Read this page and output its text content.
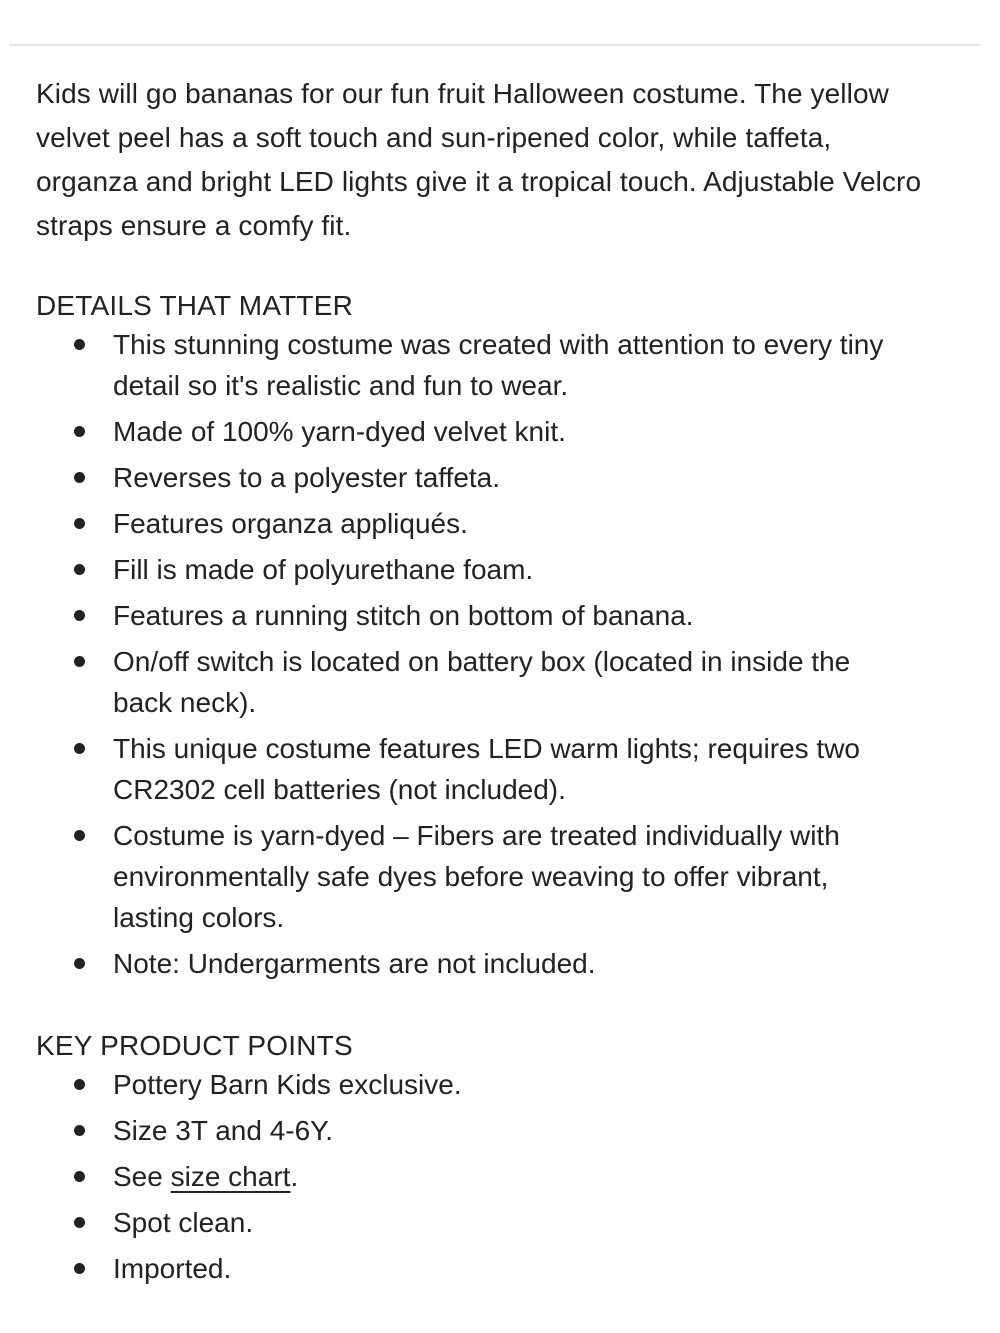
Kids will go bananas for our fun fruit Halloween costume. The yellow velvet peel has a soft touch and sun-ripened color, while taffeta, organza and bright LED lights give it a tropical touch. Adjustable Velcro straps ensure a comfy fit.

DETAILS THAT MATTER
This stunning costume was created with attention to every tiny detail so it's realistic and fun to wear.
Made of 100% yarn-dyed velvet knit.
Reverses to a polyester taffeta.
Features organza appliqués.
Fill is made of polyurethane foam.
Features a running stitch on bottom of banana.
On/off switch is located on battery box (located in inside the back neck).
This unique costume features LED warm lights; requires two CR2302 cell batteries (not included).
Costume is yarn-dyed – Fibers are treated individually with environmentally safe dyes before weaving to offer vibrant, lasting colors.
Note: Undergarments are not included.
KEY PRODUCT POINTS
Pottery Barn Kids exclusive.
Size 3T and 4-6Y.
See size chart.
Spot clean.
Imported.
